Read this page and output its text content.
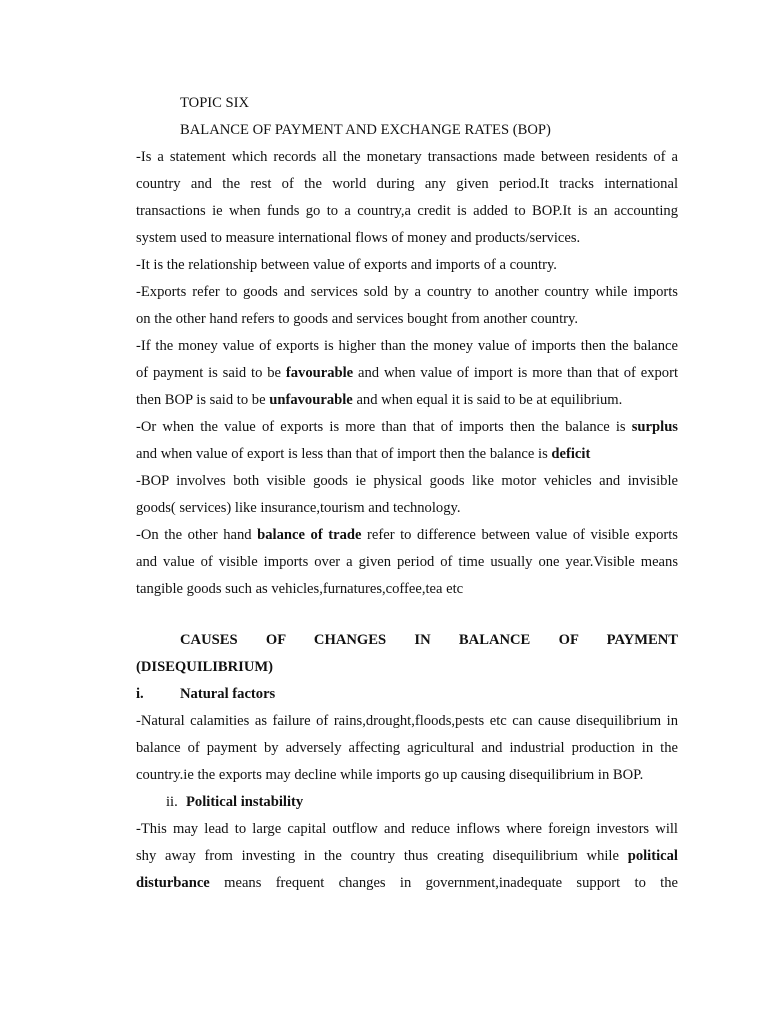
TOPIC SIX
BALANCE OF PAYMENT AND EXCHANGE RATES (BOP)
-Is a statement which records all the monetary transactions made between residents of a
country and the rest of the world during any given period.It tracks international
transactions ie when funds go to a country,a credit is added to BOP.It is an accounting
system used to measure international flows of money and products/services.
-It is the relationship between value of exports and imports of a country.
-Exports refer to goods and services sold by a country to another country while imports
on the other hand refers to goods and services bought from another country.
-If the money value of exports is higher than the money value of imports then the balance
of payment is said to be favourable and when value of import is more than that of export
then BOP is said to be unfavourable and when equal it is said to be at equilibrium.
-Or when the value of exports is more than that of imports then the balance is surplus
and when value of export is less than that of import then the balance is deficit
-BOP involves both visible goods ie physical goods like motor vehicles and invisible
goods( services) like insurance,tourism and technology.
-On the other hand balance of trade refer to difference between value of visible exports
and value of visible imports over a given period of time usually one year.Visible means
tangible goods such as vehicles,furnatures,coffee,tea etc
CAUSES OF CHANGES IN BALANCE OF PAYMENT
(DISEQUILIBRIUM)
i. Natural factors
-Natural calamities as failure of rains,drought,floods,pests etc can cause disequilibrium in
balance of payment by adversely affecting agricultural and industrial production in the
country.ie the exports may decline while imports go up causing disequilibrium in BOP.
ii. Political instability
-This may lead to large capital outflow and reduce inflows where foreign investors will
shy away from investing in the country thus creating disequilibrium while political
disturbance means frequent changes in government,inadequate support to the
